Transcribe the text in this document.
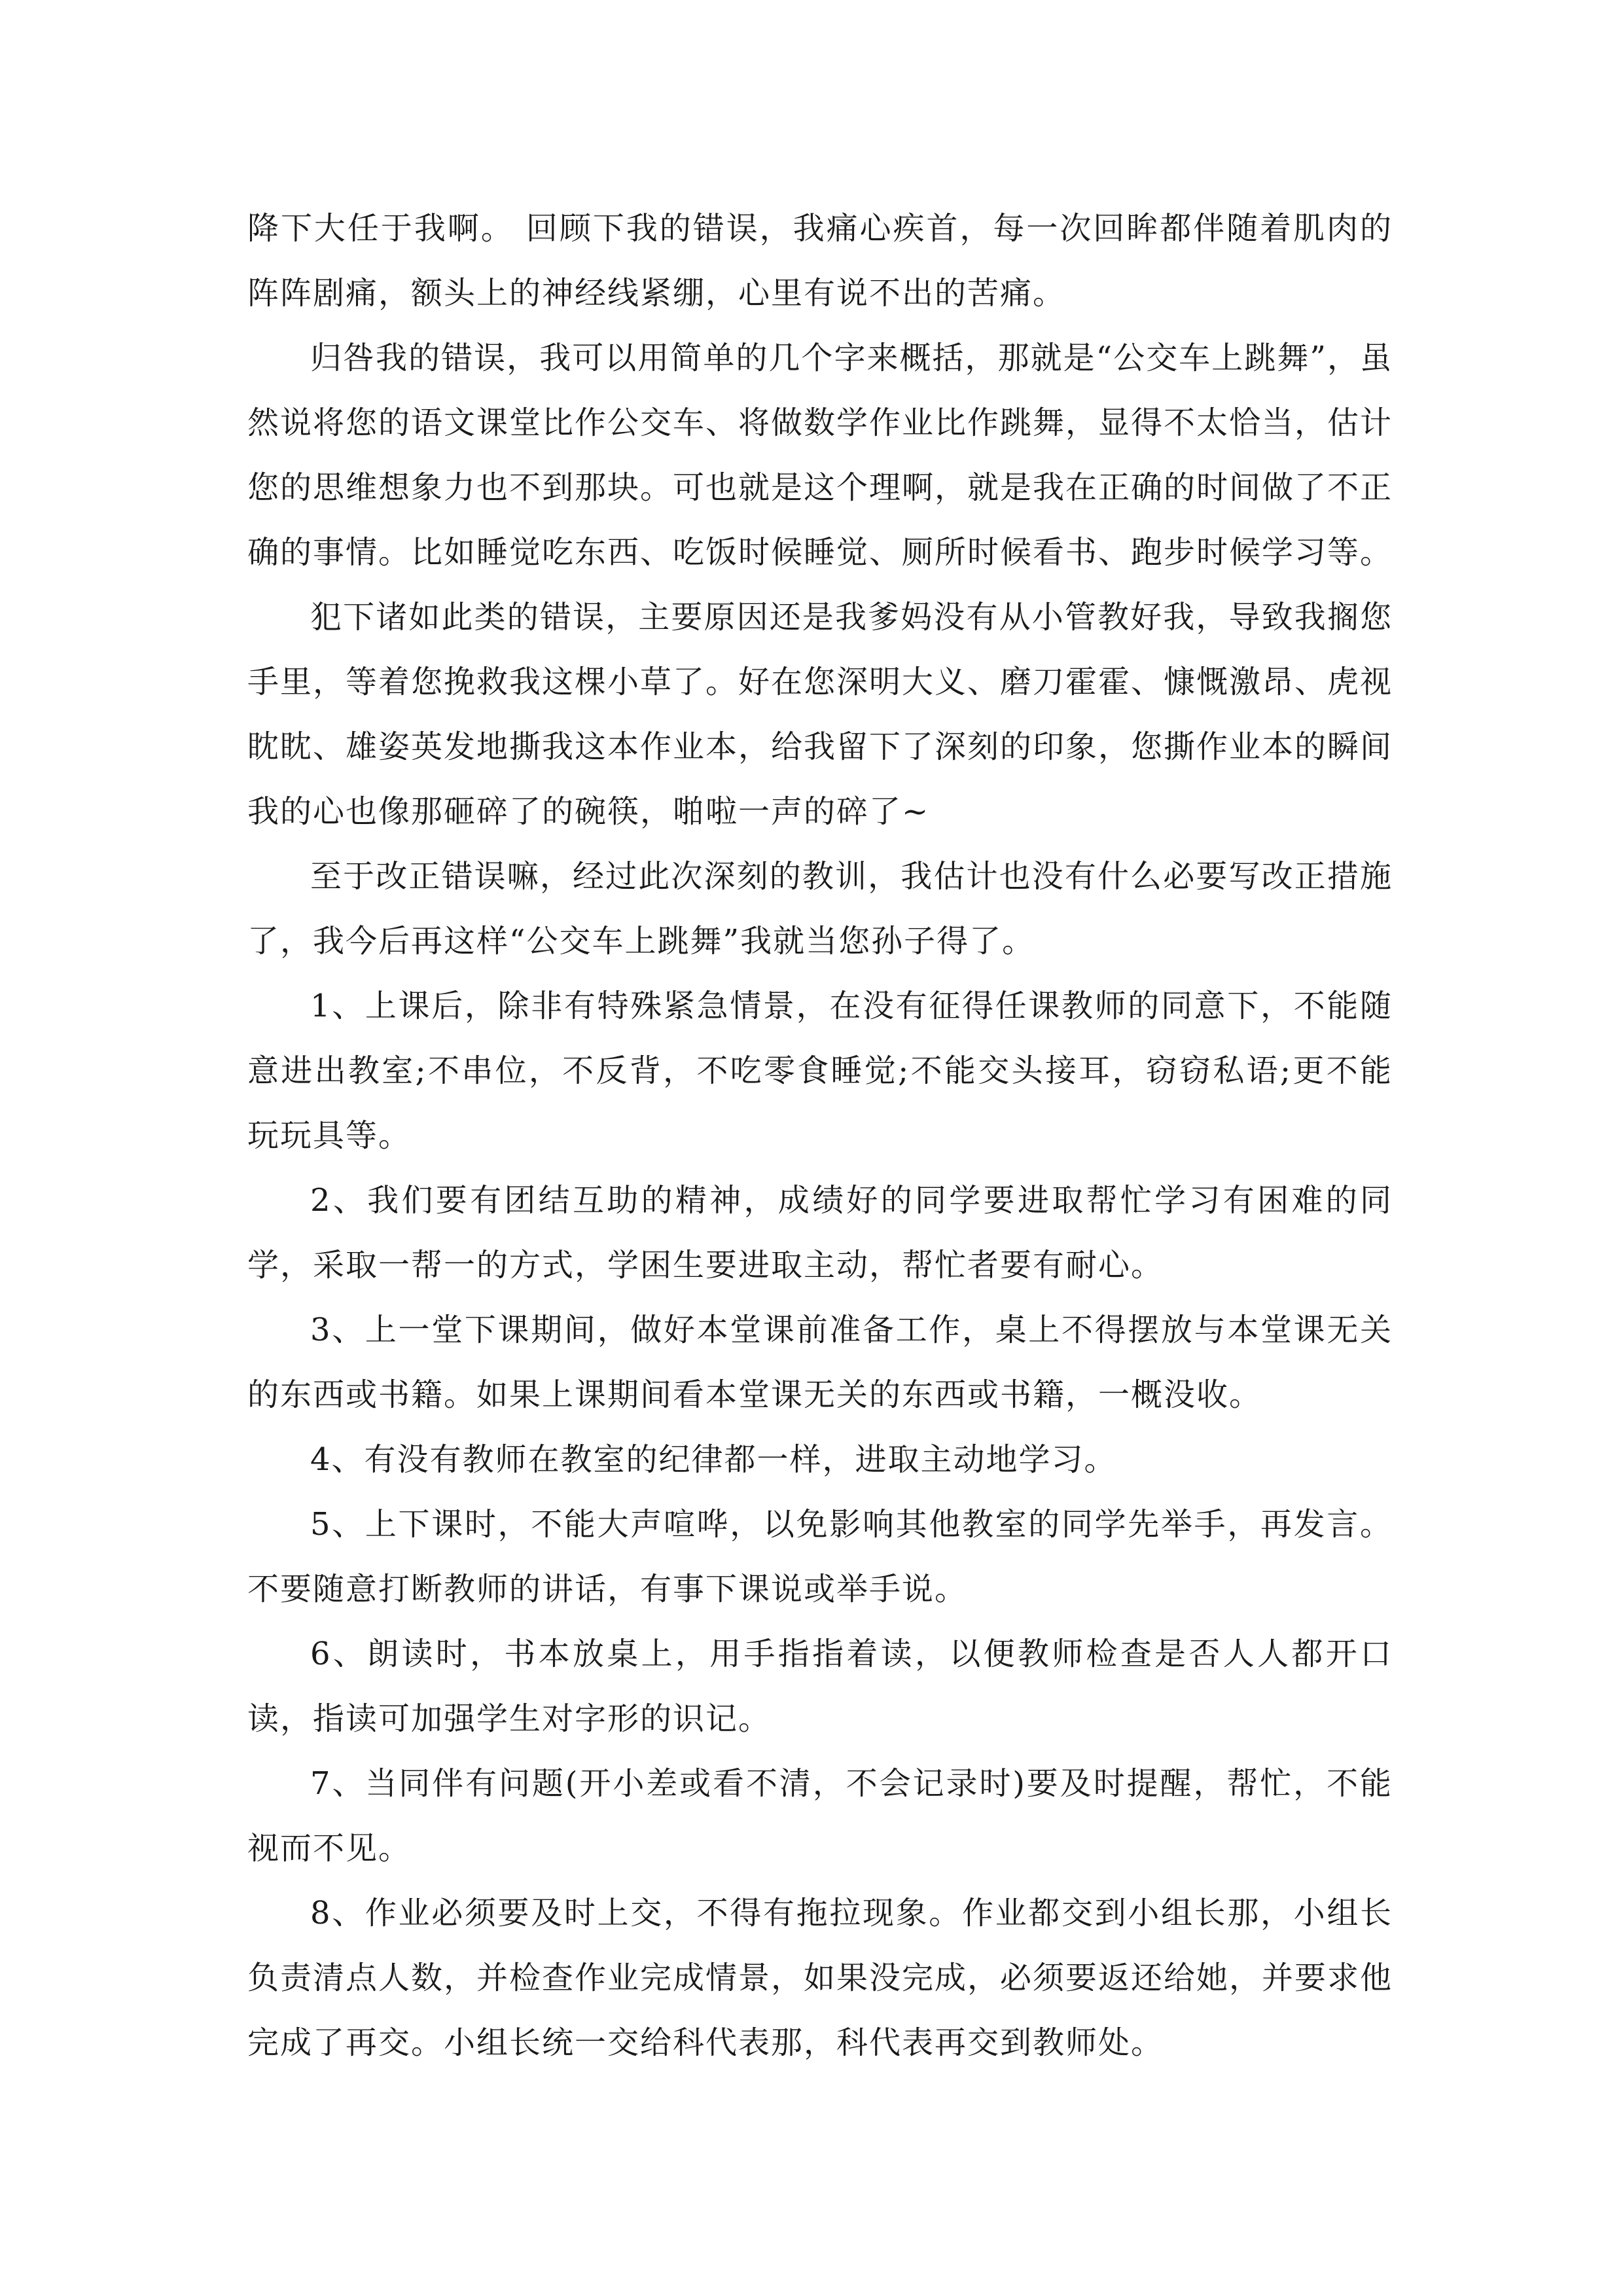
降下大任于我啊。 回顾下我的错误，我痛心疾首，每一次回眸都伴随着肌肉的阵阵剧痛，额头上的神经线紧绷，心里有说不出的苦痛。

归咎我的错误，我可以用简单的几个字来概括，那就是“公交车上跳舞”，虽然说将您的语文课堂比作公交车、将做数学作业比作跳舞，显得不太恰当，估计您的思维想象力也不到那块。可也就是这个理啊，就是我在正确的时间做了不正确的事情。比如睡觉吃东西、吃饭时候睡觉、厕所时候看书、跑步时候学习等。

犯下诸如此类的错误，主要原因还是我爹妈没有从小管教好我，导致我搁您手里，等着您挽救我这棵小草了。好在您深明大义、磨刀霍霍、慷慨激昂、虎视眈眈、雄姿英发地撕我这本作业本，给我留下了深刻的印象，您撕作业本的瞬间我的心也像那砸碎了的碗筷，啪啦一声的碎了~

至于改正错误嘛，经过此次深刻的教训，我估计也没有什么必要写改正措施了，我今后再这样“公交车上跳舞”我就当您孙子得了。

1、上课后，除非有特殊紧急情景，在没有征得任课教师的同意下，不能随意进出教室;不串位，不反背，不吃零食睡觉;不能交头接耳，窃窃私语;更不能玩玩具等。

2、我们要有团结互助的精神，成绩好的同学要进取帮忙学习有困难的同学，采取一帮一的方式，学困生要进取主动，帮忙者要有耐心。

3、上一堂下课期间，做好本堂课前准备工作，桌上不得摆放与本堂课无关的东西或书籍。如果上课期间看本堂课无关的东西或书籍，一概没收。

4、有没有教师在教室的纪律都一样，进取主动地学习。

5、上下课时，不能大声喧哗，以免影响其他教室的同学先举手，再发言。不要随意打断教师的讲话，有事下课说或举手说。

6、朗读时，书本放桌上，用手指指着读，以便教师检查是否人人都开口读，指读可加强学生对字形的识记。

7、当同伴有问题(开小差或看不清，不会记录时)要及时提醒，帮忙，不能视而不见。

8、作业必须要及时上交，不得有拖拉现象。作业都交到小组长那，小组长负责清点人数，并检查作业完成情景，如果没完成，必须要返还给她，并要求他完成了再交。小组长统一交给科代表那，科代表再交到教师处。
